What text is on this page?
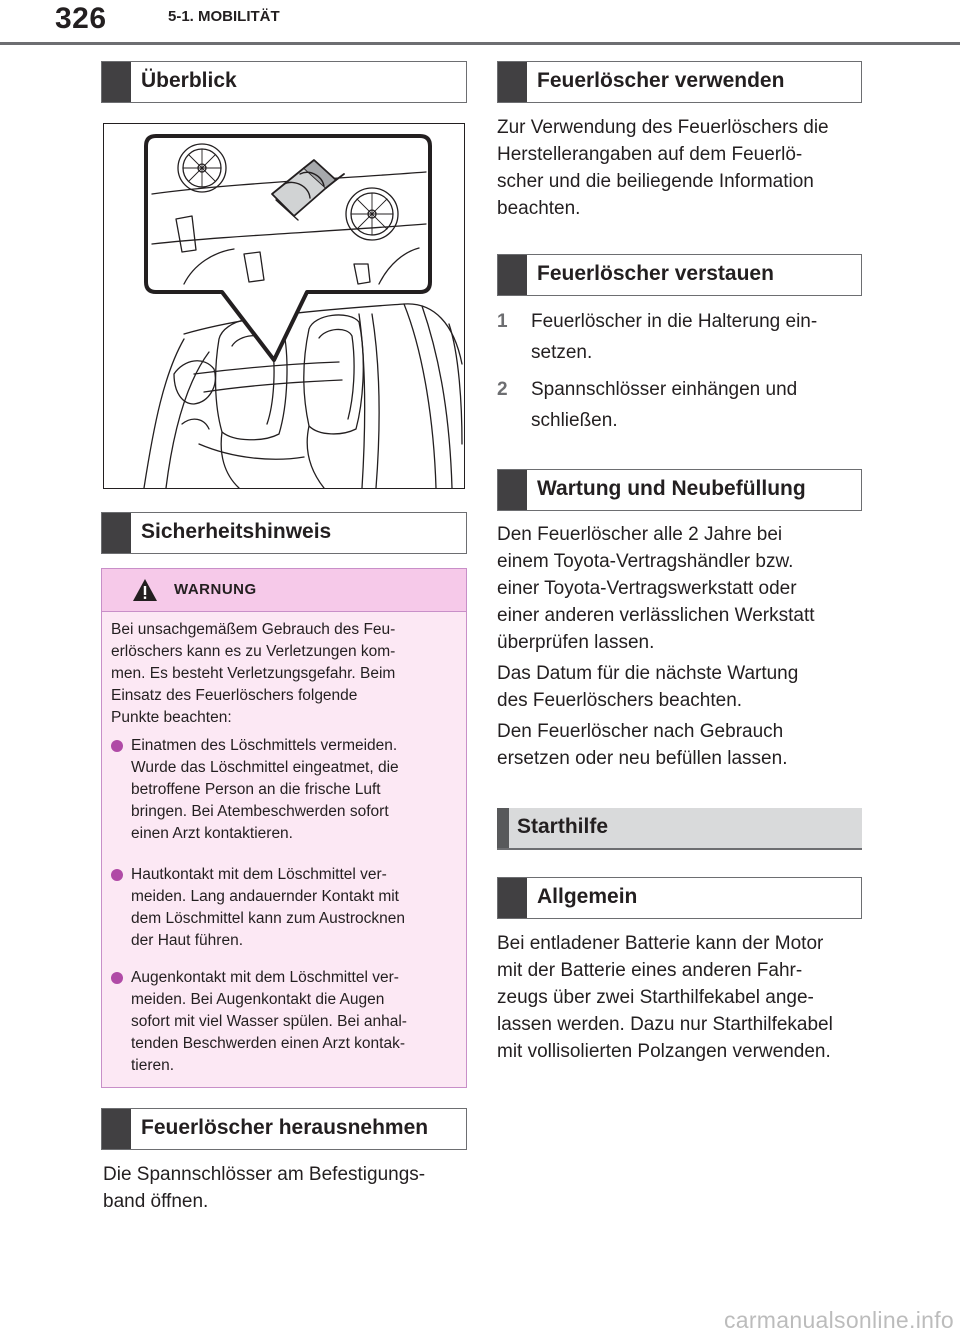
326	5-1. MOBILITÄT
Überblick
Sicherheitshinweis
WARNUNG
Bei unsachgemäßem Gebrauch des Feu-
erlöschers kann es zu Verletzungen kom-
men. Es besteht Verletzungsgefahr. Beim
Einsatz des Feuerlöschers folgende
Punkte beachten:
Einatmen des Löschmittels vermeiden.
Wurde das Löschmittel eingeatmet, die
betroffene Person an die frische Luft
bringen. Bei Atembeschwerden sofort
einen Arzt kontaktieren.
Hautkontakt mit dem Löschmittel ver-
meiden. Lang andauernder Kontakt mit
dem Löschmittel kann zum Austrocknen
der Haut führen.
Augenkontakt mit dem Löschmittel ver-
meiden. Bei Augenkontakt die Augen
sofort mit viel Wasser spülen. Bei anhal-
tenden Beschwerden einen Arzt kontak-
tieren.
Feuerlöscher herausnehmen
Die Spannschlösser am Befestigungs-
band öffnen.
Feuerlöscher verwenden
Zur Verwendung des Feuerlöschers die
Herstellerangaben auf dem Feuerlö-
scher und die beiliegende Information
beachten.
Feuerlöscher verstauen
1 Feuerlöscher in die Halterung ein-
setzen.
2 Spannschlösser einhängen und
schließen.
Wartung und Neubefüllung
Den Feuerlöscher alle 2 Jahre bei
einem Toyota-Vertragshändler bzw.
einer Toyota-Vertragswerkstatt oder
einer anderen verlässlichen Werkstatt
überprüfen lassen.
Das Datum für die nächste Wartung
des Feuerlöschers beachten.
Den Feuerlöscher nach Gebrauch
ersetzen oder neu befüllen lassen.
Starthilfe
Allgemein
Bei entladener Batterie kann der Motor
mit der Batterie eines anderen Fahr-
zeugs über zwei Starthilfekabel ange-
lassen werden. Dazu nur Starthilfekabel
mit vollisolierten Polzangen verwenden.
carmanualsonline.info
